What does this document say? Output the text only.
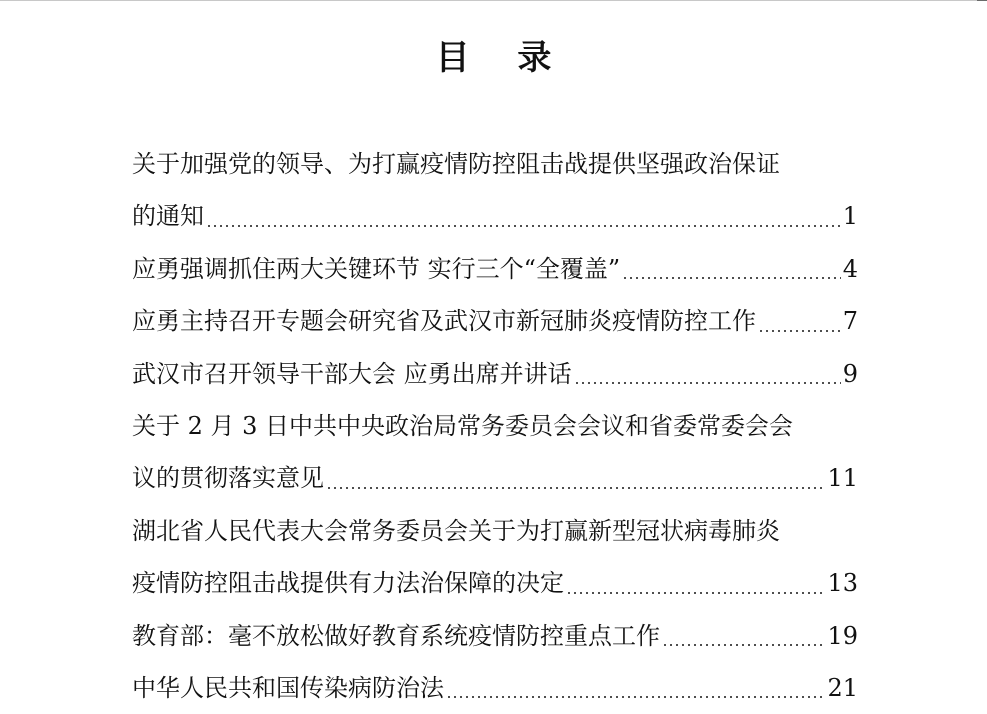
目 录
关于加强党的领导、为打赢疫情防控阻击战提供坚强政治保证
的通知	1
应勇强调抓住两大关键环节 实行三个“全覆盖”	4
应勇主持召开专题会研究省及武汉市新冠肺炎疫情防控工作	7
武汉市召开领导干部大会 应勇出席并讲话	9
关于 2 月 3 日中共中央政治局常务委员会会议和省委常委会会
议的贯彻落实意见	11
湖北省人民代表大会常务委员会关于为打赢新型冠状病毒肺炎
疫情防控阻击战提供有力法治保障的决定	13
教育部：毫不放松做好教育系统疫情防控重点工作	19
中华人民共和国传染病防治法	21
